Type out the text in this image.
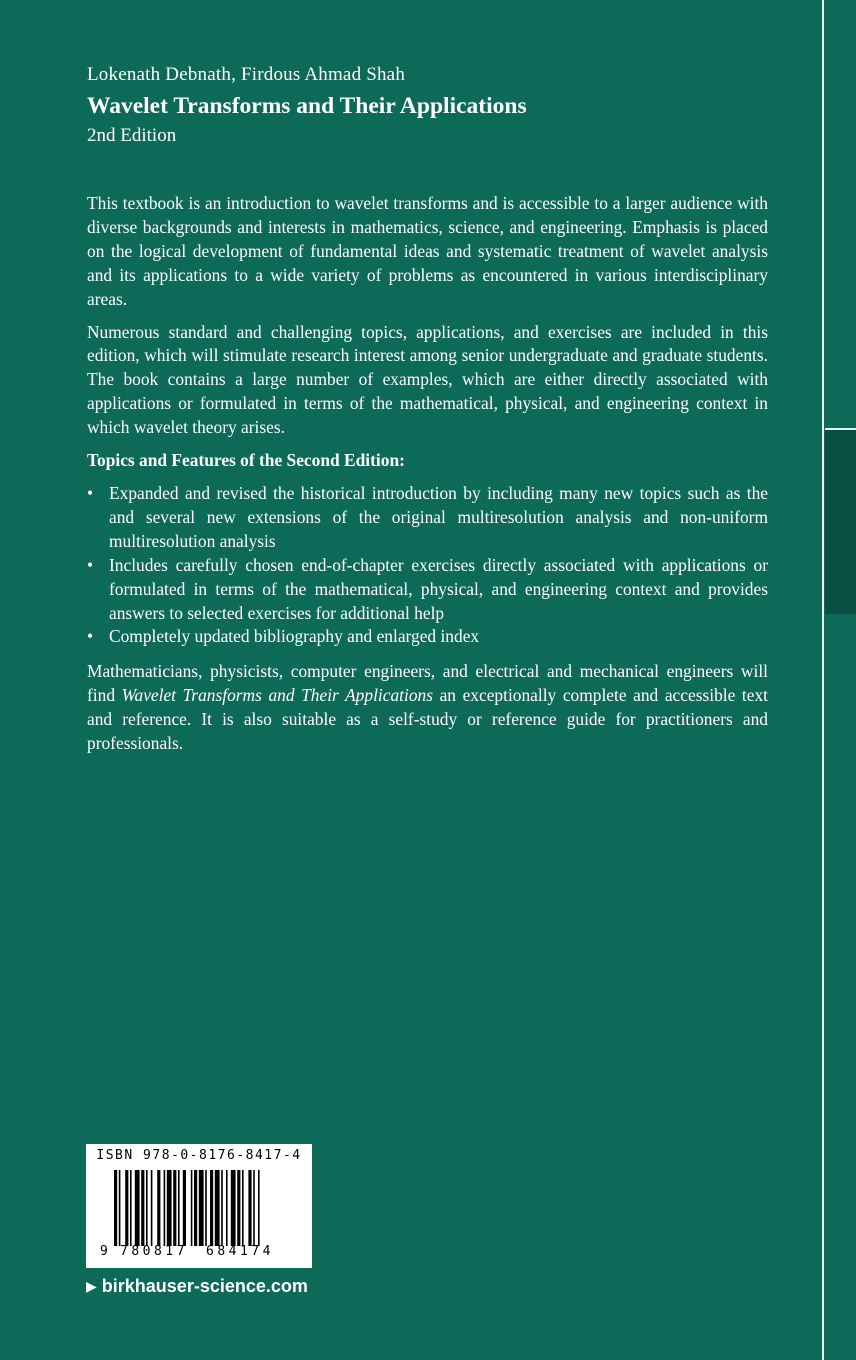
Lokenath Debnath, Firdous Ahmad Shah
Wavelet Transforms and Their Applications
2nd Edition

This textbook is an introduction to wavelet transforms and is accessible to a larger audience with diverse backgrounds and interests in mathematics, science, and engineering. Emphasis is placed on the logical development of fundamental ideas and systematic treatment of wavelet analysis and its applications to a wide variety of problems as encountered in various interdisciplinary areas.

Numerous standard and challenging topics, applications, and exercises are included in this edition, which will stimulate research interest among senior undergraduate and graduate students. The book contains a large number of examples, which are either directly associated with applications or formulated in terms of the mathematical, physical, and engineering context in which wavelet theory arises.

Topics and Features of the Second Edition:

• Expanded and revised the historical introduction by including many new topics such as the and several new extensions of the original multiresolution analysis and non-uniform multiresolution analysis
• Includes carefully chosen end-of-chapter exercises directly associated with applications or formulated in terms of the mathematical, physical, and engineering context and provides answers to selected exercises for additional help
• Completely updated bibliography and enlarged index

Mathematicians, physicists, computer engineers, and electrical and mechanical engineers will find Wavelet Transforms and Their Applications an exceptionally complete and accessible text and reference. It is also suitable as a self-study or reference guide for practitioners and professionals.

ISBN 978-0-8176-8417-4
9 780817 684174
▶ birkhauser-science.com
